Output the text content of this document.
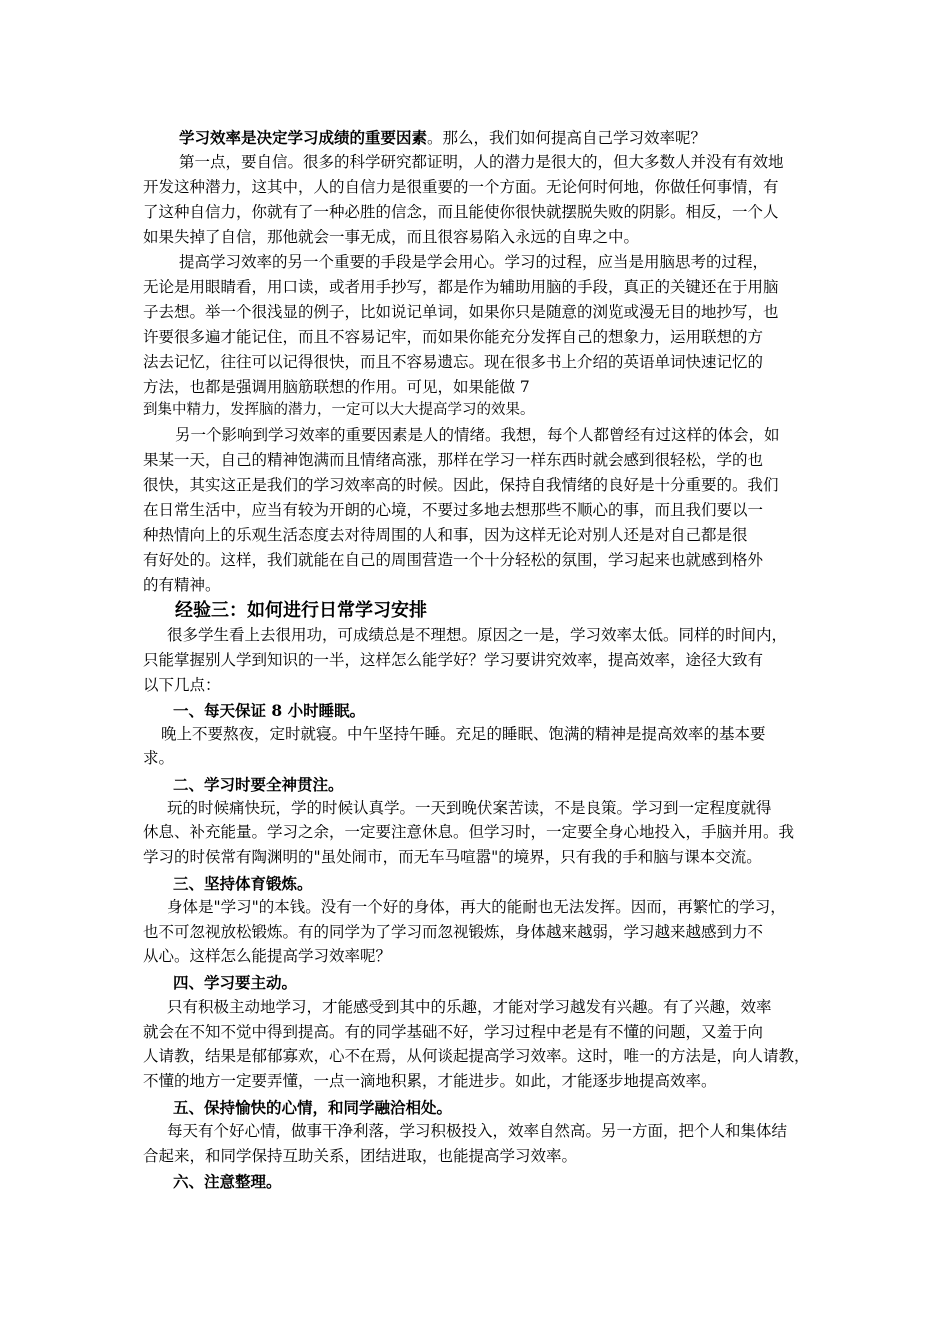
学习效率是决定学习成绩的重要因素。那么，我们如何提高自己学习效率呢？
第一点，要自信。很多的科学研究都证明，人的潜力是很大的，但大多数人并没有有效地
开发这种潜力，这其中，人的自信力是很重要的一个方面。无论何时何地，你做任何事情，有
了这种自信力，你就有了一种必胜的信念，而且能使你很快就摆脱失败的阴影。相反，一个人
如果失掉了自信，那他就会一事无成，而且很容易陷入永远的自卑之中。
提高学习效率的另一个重要的手段是学会用心。学习的过程，应当是用脑思考的过程，
无论是用眼睛看，用口读，或者用手抄写，都是作为辅助用脑的手段，真正的关键还在于用脑
子去想。举一个很浅显的例子，比如说记单词，如果你只是随意的浏览或漫无目的地抄写，也
许要很多遍才能记住，而且不容易记牢，而如果你能充分发挥自己的想象力，运用联想的方
法去记忆，往往可以记得很快，而且不容易遗忘。现在很多书上介绍的英语单词快速记忆的
方法，也都是强调用脑筋联想的作用。可见，如果能做 7
到集中精力，发挥脑的潜力，一定可以大大提高学习的效果。
另一个影响到学习效率的重要因素是人的情绪。我想，每个人都曾经有过这样的体会，如
果某一天，自己的精神饱满而且情绪高涨，那样在学习一样东西时就会感到很轻松，学的也
很快，其实这正是我们的学习效率高的时候。因此，保持自我情绪的良好是十分重要的。我们
在日常生活中，应当有较为开朗的心境，不要过多地去想那些不顺心的事，而且我们要以一
种热情向上的乐观生活态度去对待周围的人和事，因为这样无论对别人还是对自己都是很
有好处的。这样，我们就能在自己的周围营造一个十分轻松的氛围，学习起来也就感到格外
的有精神。
经验三：如何进行日常学习安排
很多学生看上去很用功，可成绩总是不理想。原因之一是，学习效率太低。同样的时间内，
只能掌握别人学到知识的一半，这样怎么能学好？学习要讲究效率，提高效率，途径大致有
以下几点：
一、每天保证 8 小时睡眠。
晚上不要熬夜，定时就寝。中午坚持午睡。充足的睡眠、饱满的精神是提高效率的基本要
求。
二、学习时要全神贯注。
玩的时候痛快玩，学的时候认真学。一天到晚伏案苦读，不是良策。学习到一定程度就得
休息、补充能量。学习之余，一定要注意休息。但学习时，一定要全身心地投入，手脑并用。我
学习的时侯常有陶渊明的"虽处闹市，而无车马喧嚣"的境界，只有我的手和脑与课本交流。
三、坚持体育锻炼。
身体是"学习"的本钱。没有一个好的身体，再大的能耐也无法发挥。因而，再繁忙的学习，
也不可忽视放松锻炼。有的同学为了学习而忽视锻炼，身体越来越弱，学习越来越感到力不
从心。这样怎么能提高学习效率呢？
四、学习要主动。
只有积极主动地学习，才能感受到其中的乐趣，才能对学习越发有兴趣。有了兴趣，效率
就会在不知不觉中得到提高。有的同学基础不好，学习过程中老是有不懂的问题，又羞于向
人请教，结果是郁郁寡欢，心不在焉，从何谈起提高学习效率。这时，唯一的方法是，向人请教，
不懂的地方一定要弄懂，一点一滴地积累，才能进步。如此，才能逐步地提高效率。
五、保持愉快的心情，和同学融洽相处。
每天有个好心情，做事干净利落，学习积极投入，效率自然高。另一方面，把个人和集体结
合起来，和同学保持互助关系，团结进取，也能提高学习效率。
六、注意整理。
